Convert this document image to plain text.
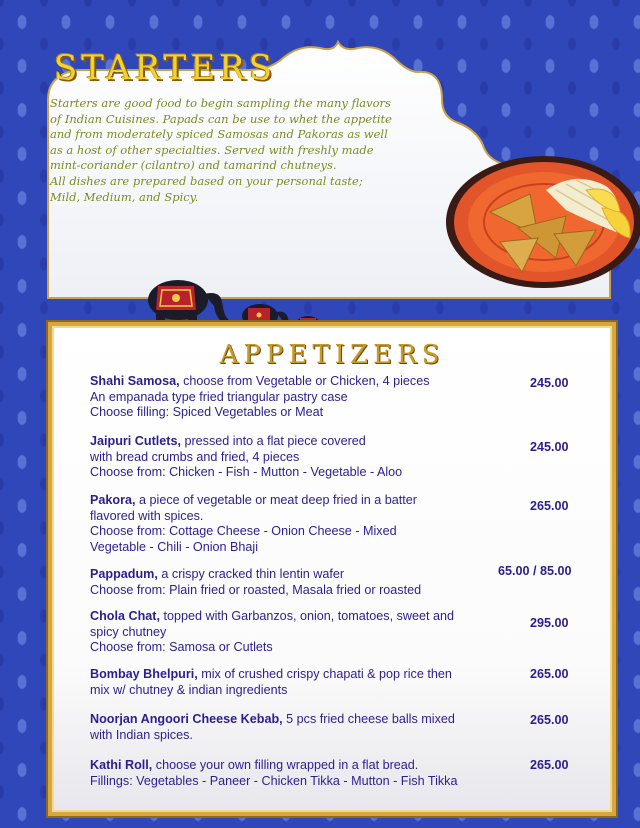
STARTERS

Starters are good food to begin sampling the many flavors
of Indian Cuisines. Papads can be use to whet the appetite
and from moderately spiced Samosas and Pakoras as well
as a host of other specialties. Served with freshly made
mint-coriander (cilantro) and tamarind chutneys.
All dishes are prepared based on your personal taste;
Mild, Medium, and Spicy.

APPETIZERS
Shahi Samosa, choose from Vegetable or Chicken, 4 pieces
An empanada type fried triangular pastry case
Choose filling: Spiced Vegetables or Meat
245.00
Jaipuri Cutlets, pressed into a flat piece covered
with bread crumbs and fried, 4 pieces
Choose from: Chicken - Fish - Mutton - Vegetable - Aloo
245.00
Pakora, a piece of vegetable or meat deep fried in a batter
flavored with spices.
Choose from: Cottage Cheese - Onion Cheese - Mixed
Vegetable - Chili - Onion Bhaji
265.00
Pappadum, a crispy cracked thin lentin wafer
Choose from: Plain fried or roasted, Masala fried or roasted
65.00 / 85.00
Chola Chat, topped with Garbanzos, onion, tomatoes, sweet and
spicy chutney
Choose from: Samosa or Cutlets
295.00
Bombay Bhelpuri, mix of crushed crispy chapati & pop rice then
mix w/ chutney & indian ingredients
265.00
Noorjan Angoori Cheese Kebab, 5 pcs fried cheese balls mixed
with Indian spices.
265.00
Kathi Roll, choose your own filling wrapped in a flat bread.
Fillings: Vegetables - Paneer - Chicken Tikka - Mutton - Fish Tikka
265.00
